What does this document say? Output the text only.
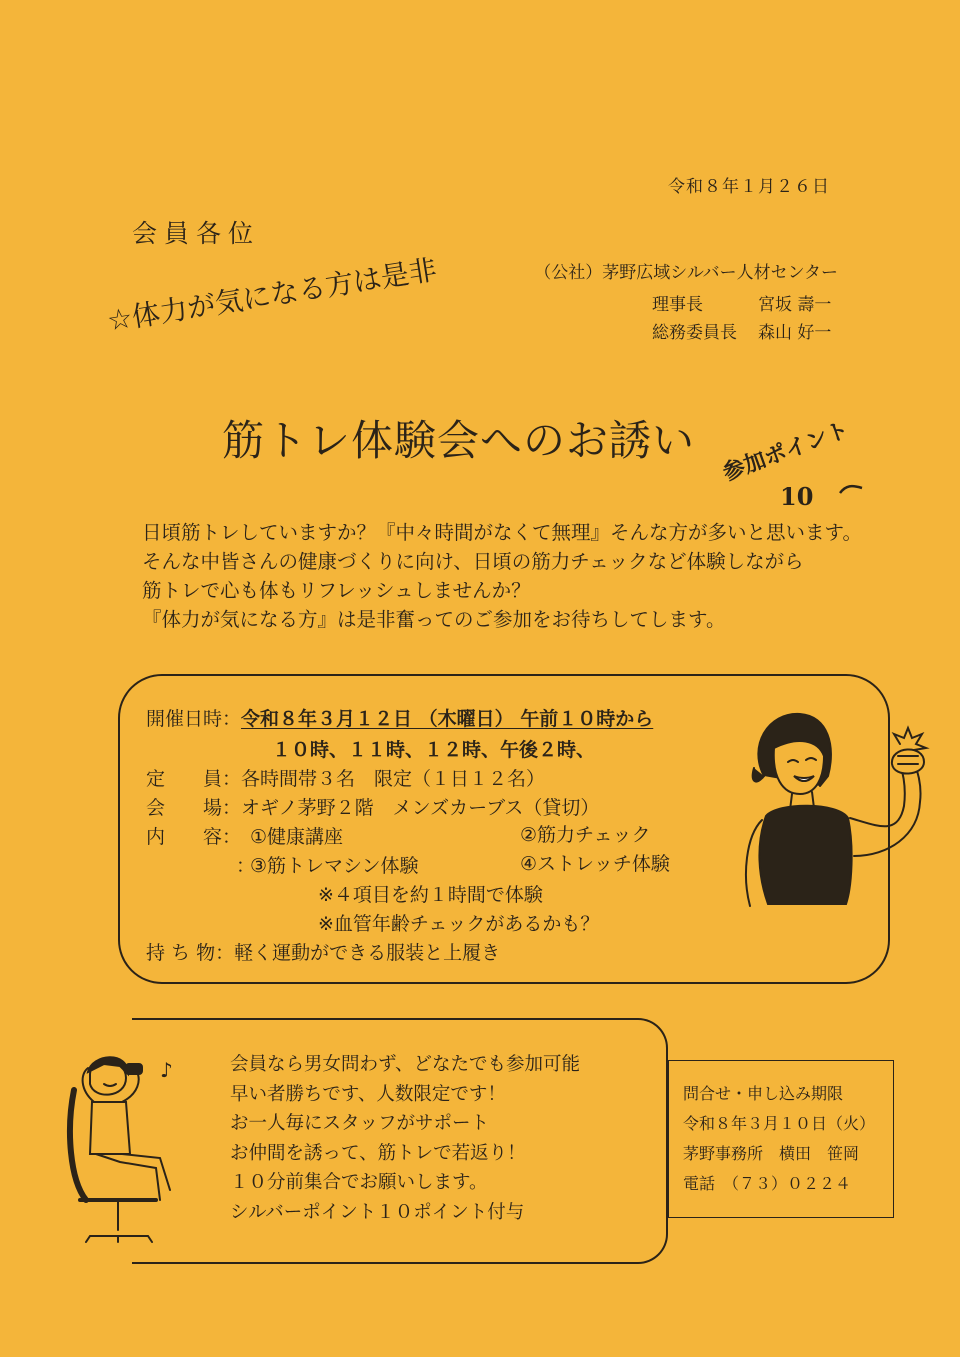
令和８年１月２６日
会員各位
（公社）茅野広域シルバー人材センター
理事長	宮坂 壽一
総務委員長 森山 好一
☆体力が気になる方は是非
筋トレ体験会へのお誘い 参加ポイント
10
日頃筋トレしていますか？『中々時間がなくて無理』そんな方が多いと思います。
そんな中皆さんの健康づくりに向け、日頃の筋力チェックなど体験しながら
筋トレで心も体もリフレッシュしませんか？
『体力が気になる方』は是非奮ってのご参加をお待ちしてします。
開催日時：令和８年３月１２日 （木曜日） 午前１０時から
１０時、１１時、１２時、午後２時、
定　　員：各時間帯３名　限定（１日１２名）
会　　場：オギノ茅野２階　メンズカーブス（貸切）
内　　容： ①健康講座	②筋力チェック
：
③筋トレマシン体験	④ストレッチ体験
※４項目を約１時間で体験
※血管年齢チェックがあるかも？
持 ち 物：軽く運動ができる服装と上履き
会員なら男女問わず、どなたでも参加可能
早い者勝ちです、人数限定です！
お一人毎にスタッフがサポート
お仲間を誘って、筋トレで若返り！
１０分前集合でお願いします。
シルバーポイント１０ポイント付与
♪
問合せ・申し込み期限
令和８年３月１０日（火）
茅野事務所　横田　笹岡
電話　（７３）０２２４
